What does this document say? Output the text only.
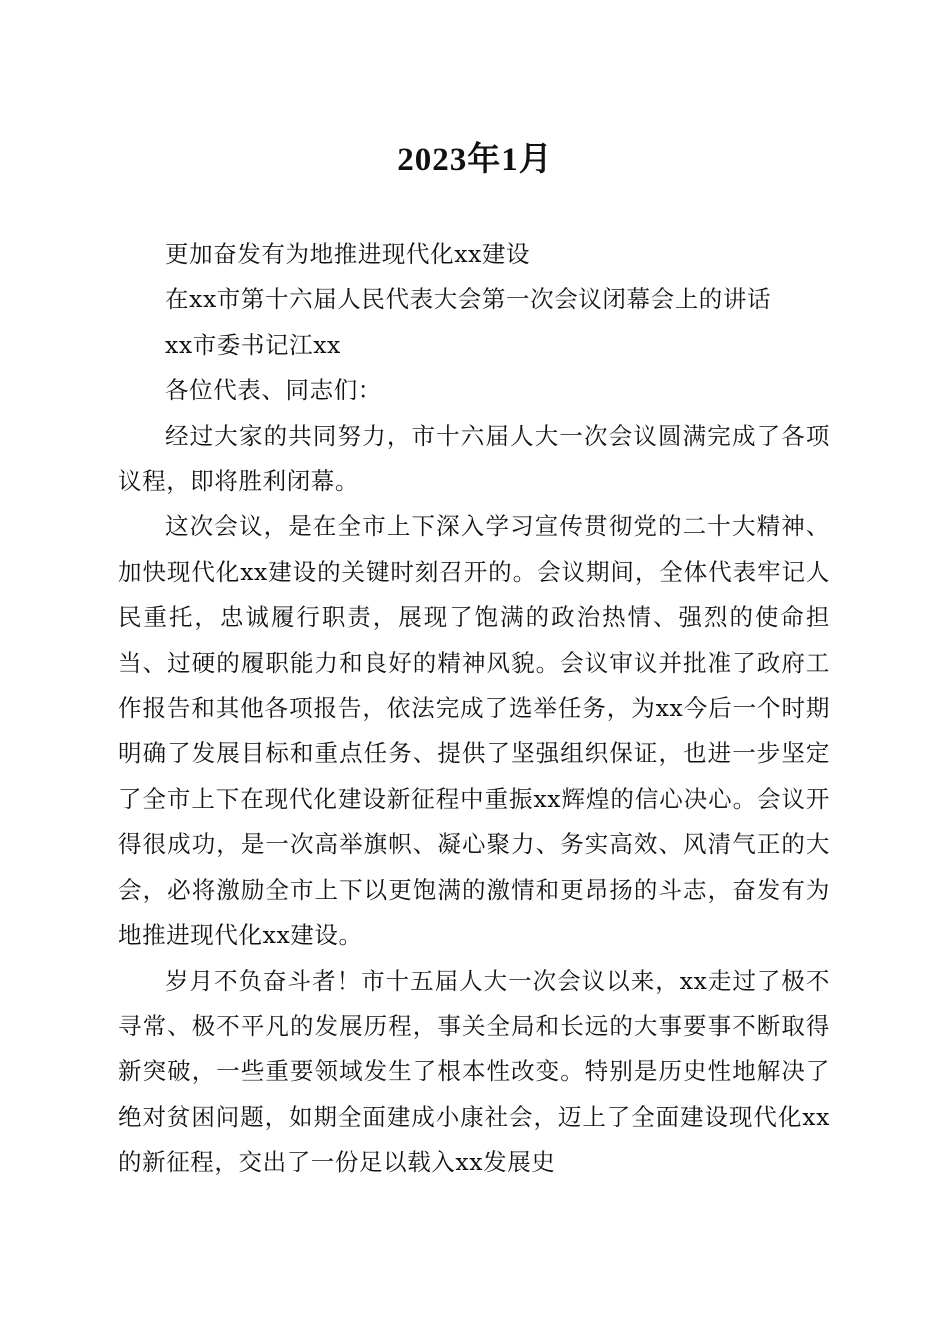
2023年1月

更加奋发有为地推进现代化xx建设

在xx市第十六届人民代表大会第一次会议闭幕会上的讲话

xx市委书记江xx

各位代表、同志们：

经过大家的共同努力，市十六届人大一次会议圆满完成了各项议程，即将胜利闭幕。

这次会议，是在全市上下深入学习宣传贯彻党的二十大精神、加快现代化xx建设的关键时刻召开的。会议期间，全体代表牢记人民重托，忠诚履行职责，展现了饱满的政治热情、强烈的使命担当、过硬的履职能力和良好的精神风貌。会议审议并批准了政府工作报告和其他各项报告，依法完成了选举任务，为xx今后一个时期明确了发展目标和重点任务、提供了坚强组织保证，也进一步坚定了全市上下在现代化建设新征程中重振xx辉煌的信心决心。会议开得很成功，是一次高举旗帜、凝心聚力、务实高效、风清气正的大会，必将激励全市上下以更饱满的激情和更昂扬的斗志，奋发有为地推进现代化xx建设。

岁月不负奋斗者！市十五届人大一次会议以来，xx走过了极不寻常、极不平凡的发展历程，事关全局和长远的大事要事不断取得新突破，一些重要领域发生了根本性改变。特别是历史性地解决了绝对贫困问题，如期全面建成小康社会，迈上了全面建设现代化xx的新征程，交出了一份足以载入xx发展史
